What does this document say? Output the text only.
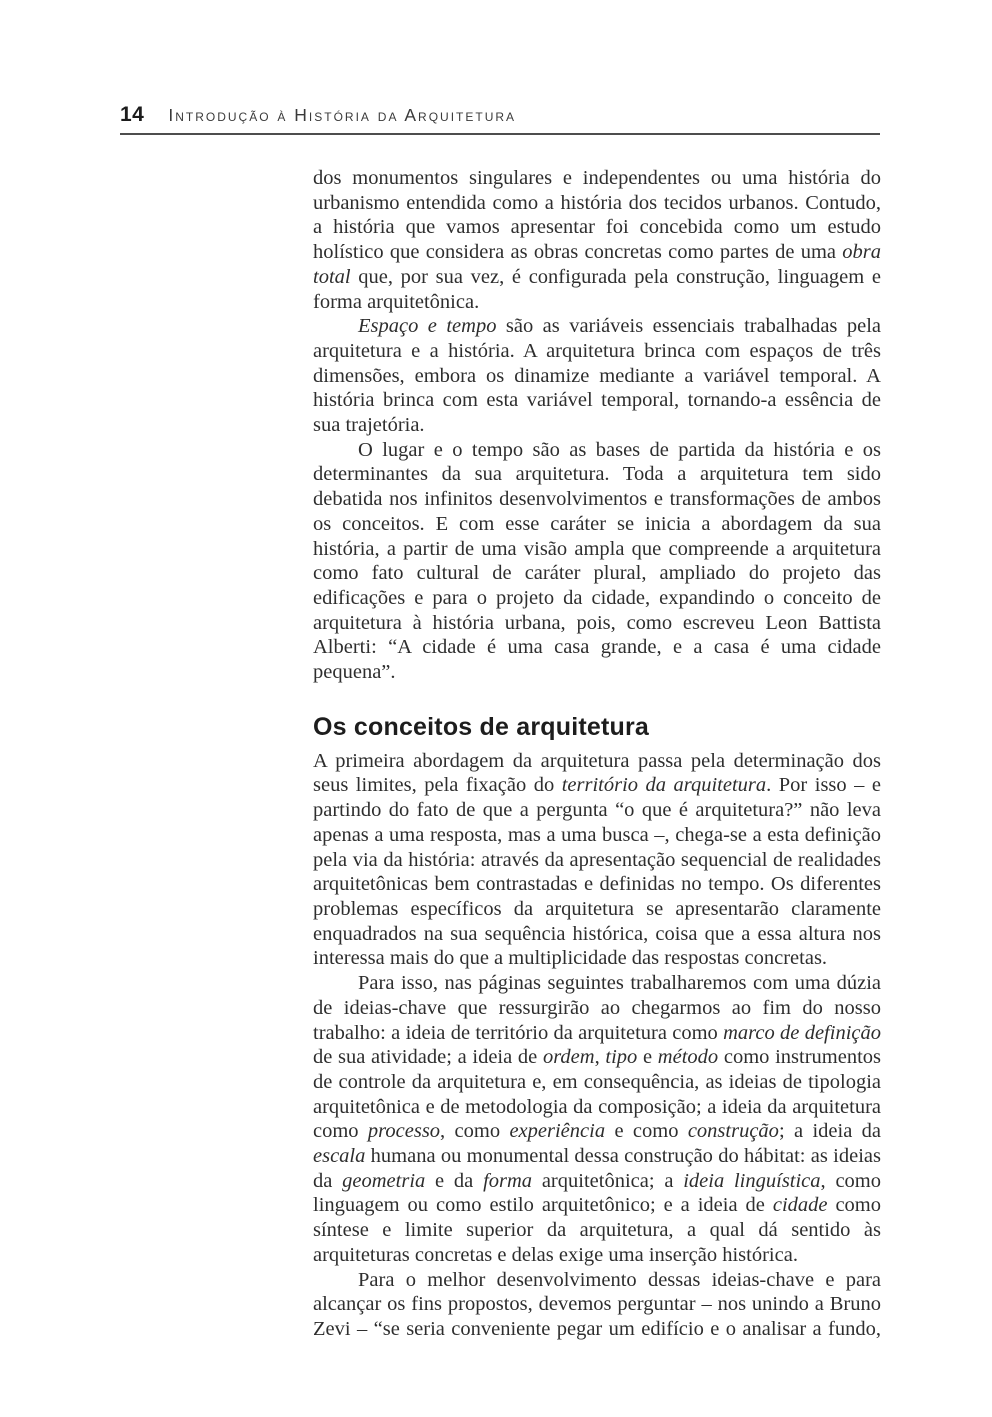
14 Introdução à História da Arquitetura

dos monumentos singulares e independentes ou uma história do urbanismo entendida como a história dos tecidos urbanos. Contudo, a história que vamos apresentar foi concebida como um estudo holístico que considera as obras concretas como partes de uma obra total que, por sua vez, é configurada pela construção, linguagem e forma arquitetônica.

Espaço e tempo são as variáveis essenciais trabalhadas pela arquitetura e a história. A arquitetura brinca com espaços de três dimensões, embora os dinamize mediante a variável temporal. A história brinca com esta variável temporal, tornando-a essência de sua trajetória.

O lugar e o tempo são as bases de partida da história e os determinantes da sua arquitetura. Toda a arquitetura tem sido debatida nos infinitos desenvolvimentos e transformações de ambos os conceitos. E com esse caráter se inicia a abordagem da sua história, a partir de uma visão ampla que compreende a arquitetura como fato cultural de caráter plural, ampliado do projeto das edificações e para o projeto da cidade, expandindo o conceito de arquitetura à história urbana, pois, como escreveu Leon Battista Alberti: “A cidade é uma casa grande, e a casa é uma cidade pequena”.

Os conceitos de arquitetura

A primeira abordagem da arquitetura passa pela determinação dos seus limites, pela fixação do território da arquitetura. Por isso – e partindo do fato de que a pergunta “o que é arquitetura?” não leva apenas a uma resposta, mas a uma busca –, chega-se a esta definição pela via da história: através da apresentação sequencial de realidades arquitetônicas bem contrastadas e definidas no tempo. Os diferentes problemas específicos da arquitetura se apresentarão claramente enquadrados na sua sequência histórica, coisa que a essa altura nos interessa mais do que a multiplicidade das respostas concretas.

Para isso, nas páginas seguintes trabalharemos com uma dúzia de ideias-chave que ressurgirão ao chegarmos ao fim do nosso trabalho: a ideia de território da arquitetura como marco de definição de sua atividade; a ideia de ordem, tipo e método como instrumentos de controle da arquitetura e, em consequência, as ideias de tipologia arquitetônica e de metodologia da composição; a ideia da arquitetura como processo, como experiência e como construção; a ideia da escala humana ou monumental dessa construção do hábitat: as ideias da geometria e da forma arquitetônica; a ideia linguística, como linguagem ou como estilo arquitetônico; e a ideia de cidade como síntese e limite superior da arquitetura, a qual dá sentido às arquiteturas concretas e delas exige uma inserção histórica.

Para o melhor desenvolvimento dessas ideias-chave e para alcançar os fins propostos, devemos perguntar – nos unindo a Bruno Zevi – “se seria conveniente pegar um edifício e o analisar a fundo,
